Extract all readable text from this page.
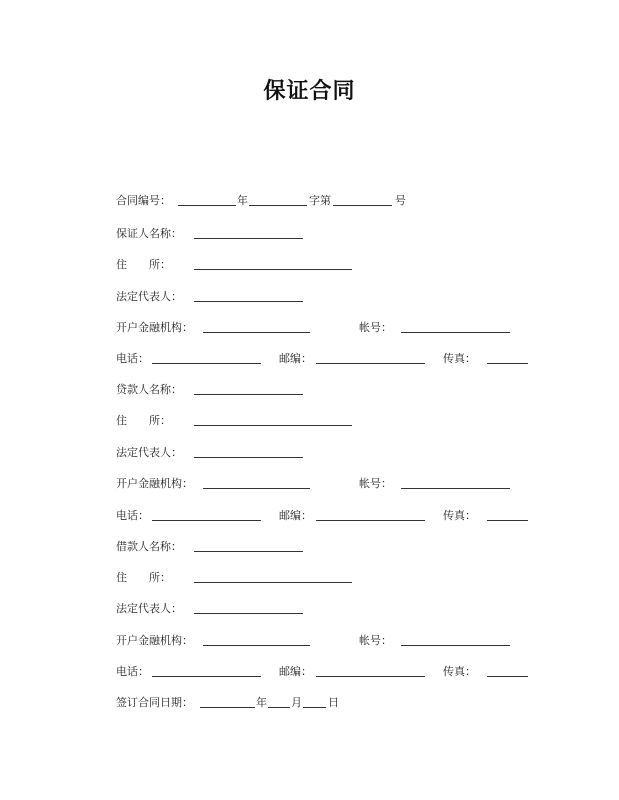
保证合同
合同编号：	年	字第	号
保证人名称：
住　　所：
法定代表人：
开户金融机构：	帐号：
电话：	邮编：	传真：
贷款人名称：
住　　所：
法定代表人：
开户金融机构：	帐号：
电话：	邮编：	传真：
借款人名称：
住　　所：
法定代表人：
开户金融机构：	帐号：
电话：	邮编：	传真：
签订合同日期：	年 月 日
